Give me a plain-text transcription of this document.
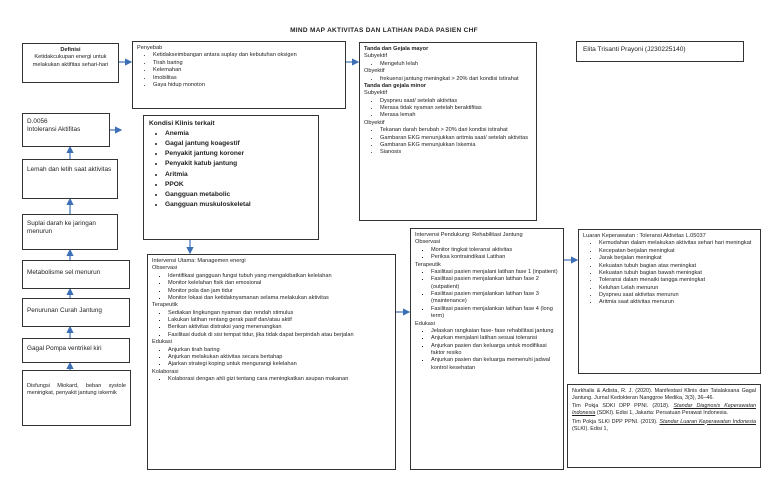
MIND MAP AKTIVITAS DAN LATIHAN PADA PASIEN CHF
Definisi
Ketidakcukupan energi untuk melakukan aktifitas sehari-hari
Penyebab
• Ketidakseimbangan antara suplay dan kebutuhan oksigen
• Tirah baring
• Kelemahan
• Imobilitas
• Gaya hidup monoton
Tanda dan Gejala mayor
Subyektif
• Mengeluh lelah
Obyektif
• frekuensi jantung meningkat > 20% dari kondisi istirahat
Tanda dan gejala minor
Subyektif
• Dyspneu saat/ setelah aktivitas
• Merasa tidak nyaman setelah beraktifitas
• Merasa lemah
Obyektif
• Tekanan darah berubah > 20% dari kondisi istirahat
• Gambaran EKG menunjukkan aritmia saat/ setelah aktivitas
• Gambaran EKG menunjukkan Iskemia
• Sianosis
Elita Trisanti Prayoni (J230225140)
D.0056
Intoleransi Aktifitas
Kondisi Klinis terkait
• Anemia
• Gagal jantung koagestif
• Penyakit jantung koroner
• Penyakit katub jantung
• Aritmia
• PPOK
• Gangguan metabolic
• Gangguan muskuloskeletal
Lemah dan letih saat aktivitas
Suplai darah ke jaringan menurun
Metabolisme sel menurun
Penurunan Curah Jantung
Gagal Pompa ventrikel kiri
Disfungsi Miokard, beban systole meningkat, penyakit jantung iskemik
Intervensi Utama: Managemen energi
Observasi
▪ Identifikasi gangguan fungsi tubuh yang mengakibatkan kelelahan
▪ Monitor kelelahan fisik dan emosional
▪ Monitor pola dan jam tidur
▪ Monitor lokasi dan ketidaknyamanan selama melakukan aktivitas
Terapeutik
▪ Sediakan lingkungan nyaman dan rendah stimulus
▪ Lakukan latihan rentang gerak pasif dan/atau aktif
▪ Berikan aktivitas distraksi yang menenangkan
▪ Fasilitasi duduk di sisi tempat tidur, jika tidak dapat berpindah atau berjalan
Edukasi
▪ Anjurkan tirah baring
▪ Anjurkan melakukan aktivitas secara bertahap
▪ Ajarkan strategi koping untuk mengurangi kelelahan
Kolaborasi
▪ Kolaborasi dengan ahli gizi tentang cara meningkatkan asupan makanan
Intervensi Pendukung: Rehabilitasi Jantung
Observasi
▪ Monitor tingkat toleransi aktivitas
▪ Periksa kontraindikasi Latihan
Terapeutik
▪ Fasilitasi pasien menjalani latihan fase 1 (inpatient)
▪ Fasilitasi pasien menjalankan latihan fase 2 (outpatient)
▪ Fasilitasi pasien menjalankan latihan fase 3 (maintenance)
▪ Fasilitasi pasien menjalankan latihan fase 4 (long term)
Edukasi
▪ Jelaskan rangkaian fase- fase rehabilitasi jantung
▪ Anjurkan menjalani latihan sesuai toleransi
▪ Anjurkan pasien dan keluarga untuk modifikasi faktor resiko
▪ Anjurkan pasien dan keluarga memenuhi jadwal kontrol kesehatan
Luaran Keperawatan : Toleransi Aktivitas L.05037
• Kemudahan dalam melakukan aktivitas sehari hari meningkat
• Kecepatan berjalan meningkat
• Jarak berjalan meningkat
• Kekuatan tubuh bagian atas meningkat
• Kekuatan tubuh bagian bawah meningkat
• Toleransi dalam menaiki tangga meningkat
• Keluhan Lelah menurun
• Dyspneu saat aktivitas menurun
• Aritmia saat aktivitas menurun

Nurkhalis & Adista, R. J. (2020). Manifestasi Klinis dan Tatalaksana Gagal Jantung. Jurnal Kedokteran Nanggroe Medika, 3(3), 36–46.

Tim Pokja SDKI DPP PPNI. (2018). Standar Diagnosis Keperawatan Indonesia (SDKI). Edisi 1, Jakarta: Persatuan Perawat Indonesia.

Tim Pokja SLKI DPP PPNI. (2019). Standar Luaran Keperawatan Indonesia (SLKI). Edisi 1,
